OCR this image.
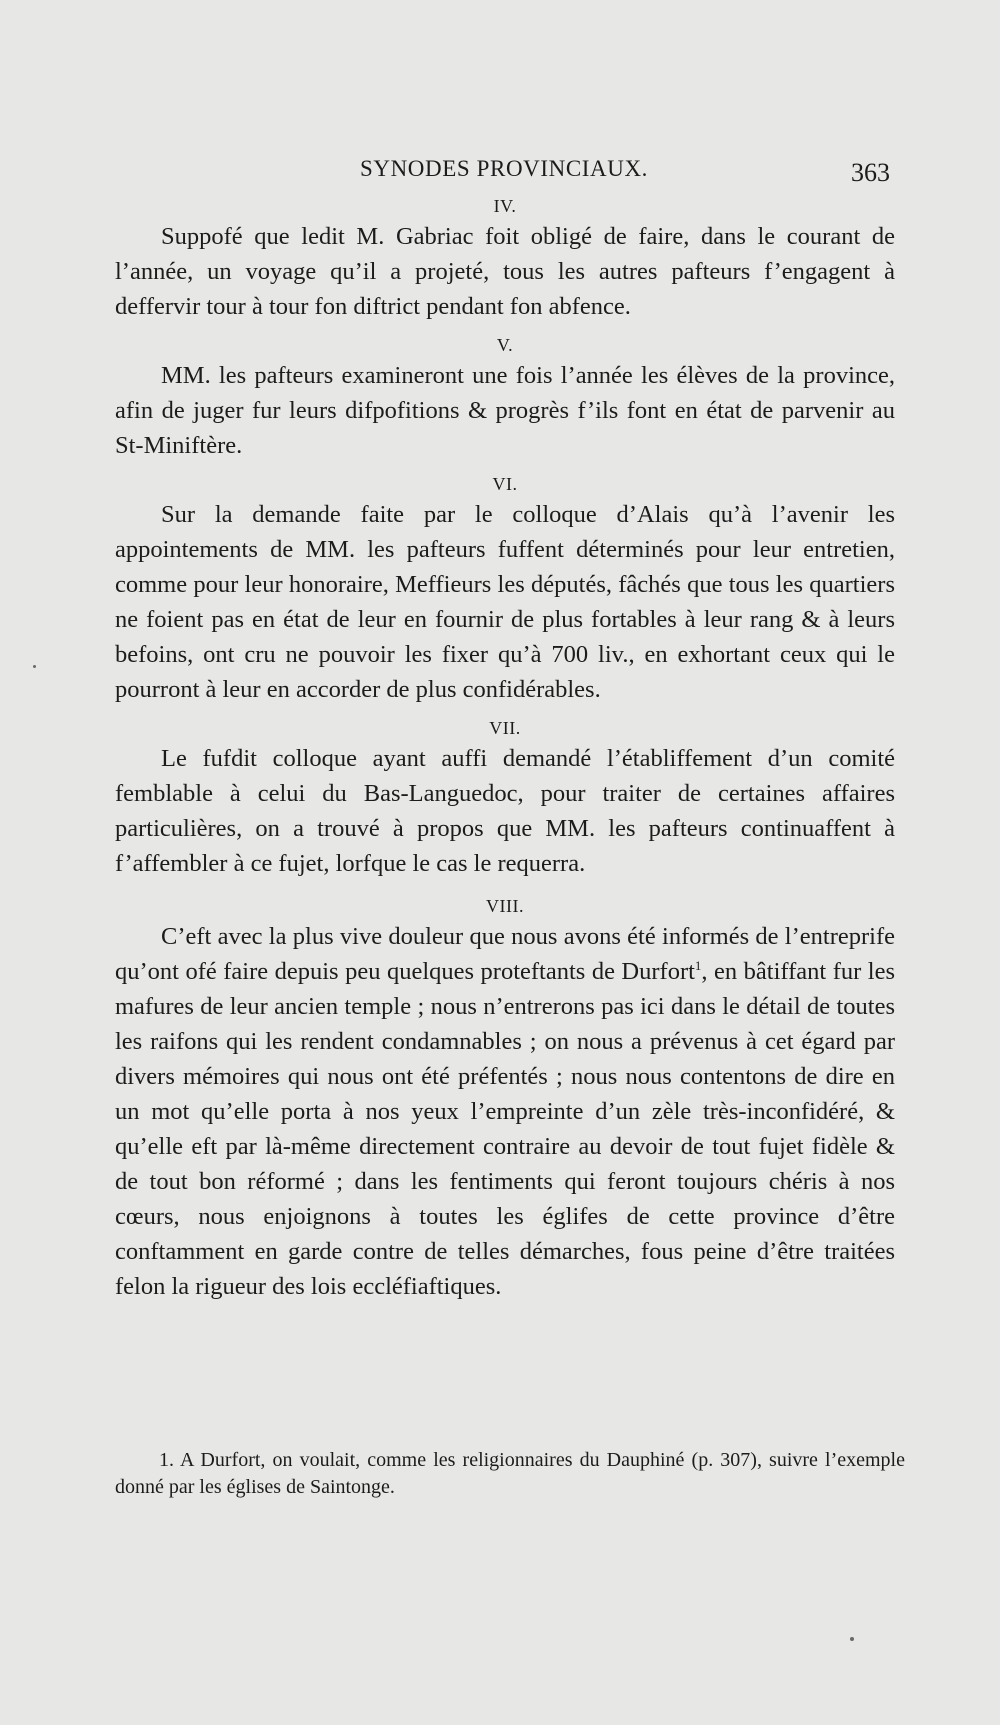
SYNODES PROVINCIAUX.	363

IV.

Suppofé que ledit M. Gabriac foit obligé de faire, dans le courant de l’année, un voyage qu’il a projeté, tous les autres pafteurs f’engagent à deffervir tour à tour fon diftrict pendant fon abfence.

V.

MM. les pafteurs examineront une fois l’année les élèves de la province, afin de juger fur leurs difpofitions & progrès f’ils font en état de parvenir au St-Miniftère.

VI.

Sur la demande faite par le colloque d’Alais qu’à l’avenir les appointements de MM. les pafteurs fuffent déterminés pour leur entretien, comme pour leur honoraire, Meffieurs les députés, fâchés que tous les quartiers ne foient pas en état de leur en fournir de plus fortables à leur rang & à leurs befoins, ont cru ne pouvoir les fixer qu’à 700 liv., en exhortant ceux qui le pourront à leur en accorder de plus confidérables.

VII.

Le fufdit colloque ayant auffi demandé l’établiffement d’un comité femblable à celui du Bas-Languedoc, pour traiter de certaines affaires particulières, on a trouvé à propos que MM. les pafteurs continuaffent à f’affembler à ce fujet, lorfque le cas le requerra.

VIII.

C’eft avec la plus vive douleur que nous avons été informés de l’entreprife qu’ont ofé faire depuis peu quelques proteftants de Durfort$^1$, en bâtiffant fur les mafures de leur ancien temple ; nous n’entrerons pas ici dans le détail de toutes les raifons qui les rendent condamnables ; on nous a prévenus à cet égard par divers mémoires qui nous ont été préfentés ; nous nous contentons de dire en un mot qu’elle porta à nos yeux l’empreinte d’un zèle très-inconfidéré, & qu’elle eft par là-même directement contraire au devoir de tout fujet fidèle & de tout bon réformé ; dans les fentiments qui feront toujours chéris à nos cœurs, nous enjoignons à toutes les églifes de cette province d’être conftamment en garde contre de telles démarches, fous peine d’être traitées felon la rigueur des lois eccléfiaftiques.

1. A Durfort, on voulait, comme les religionnaires du Dauphiné (p. 307), suivre l’exemple donné par les églises de Saintonge.
